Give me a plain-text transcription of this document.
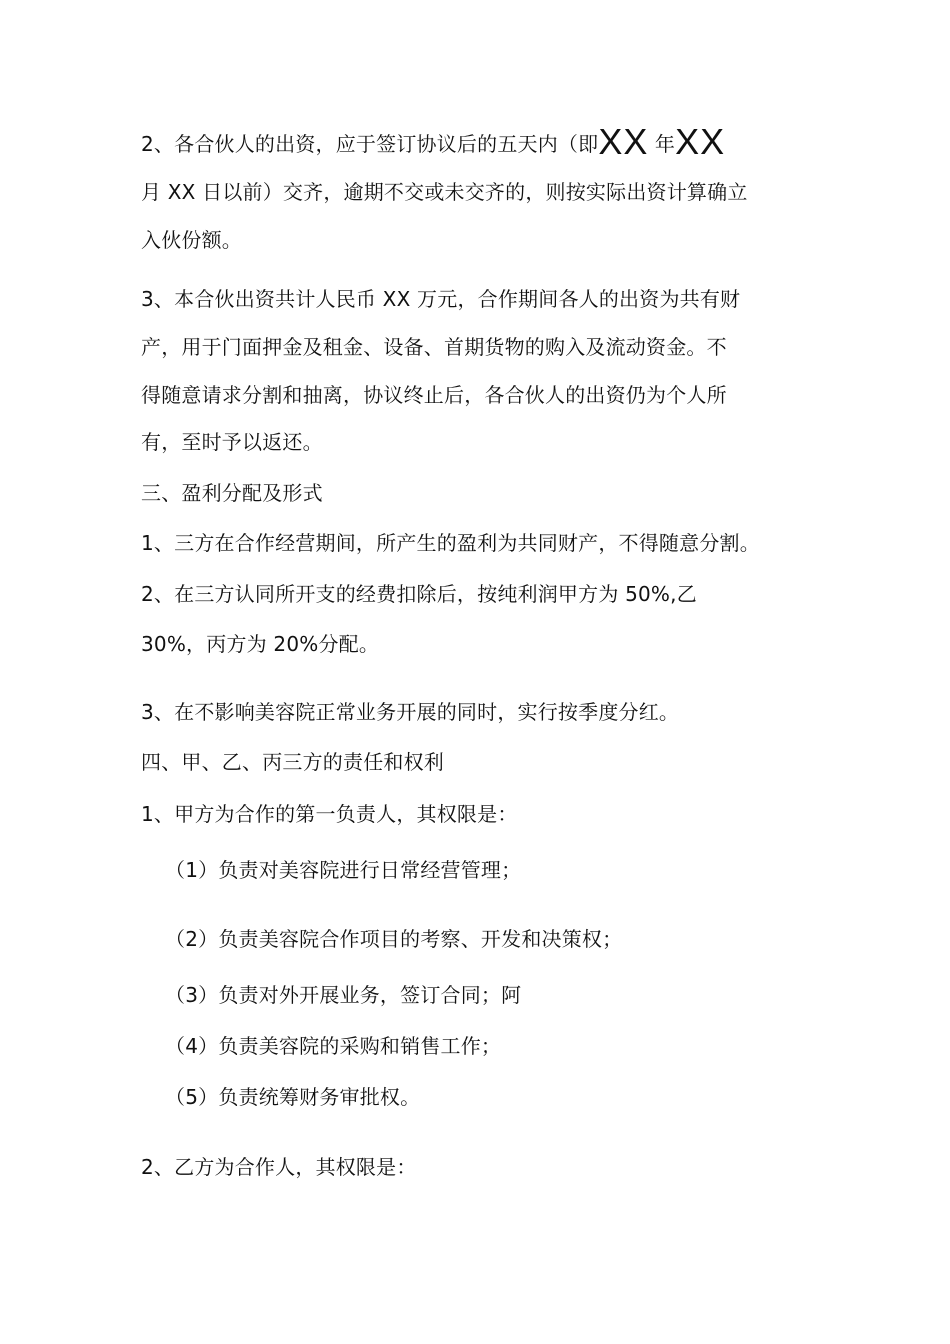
2、各合伙人的出资，应于签订协议后的五天内（即XX 年XX
月 XX 日以前）交齐，逾期不交或未交齐的，则按实际出资计算确立
入伙份额。
3、本合伙出资共计人民币 XX 万元，合作期间各人的出资为共有财
产，用于门面押金及租金、设备、首期货物的购入及流动资金。不
得随意请求分割和抽离，协议终止后，各合伙人的出资仍为个人所
有，至时予以返还。
三、盈利分配及形式
1、三方在合作经营期间，所产生的盈利为共同财产，不得随意分割。
2、在三方认同所开支的经费扣除后，按纯利润甲方为 50%,乙
30%，丙方为 20%分配。
3、在不影响美容院正常业务开展的同时，实行按季度分红。
四、甲、乙、丙三方的责任和权利
1、甲方为合作的第一负责人，其权限是：
（1）负责对美容院进行日常经营管理；
（2）负责美容院合作项目的考察、开发和决策权；
（3）负责对外开展业务，签订合同；阿
（4）负责美容院的采购和销售工作；
（5）负责统筹财务审批权。
2、乙方为合作人，其权限是：
